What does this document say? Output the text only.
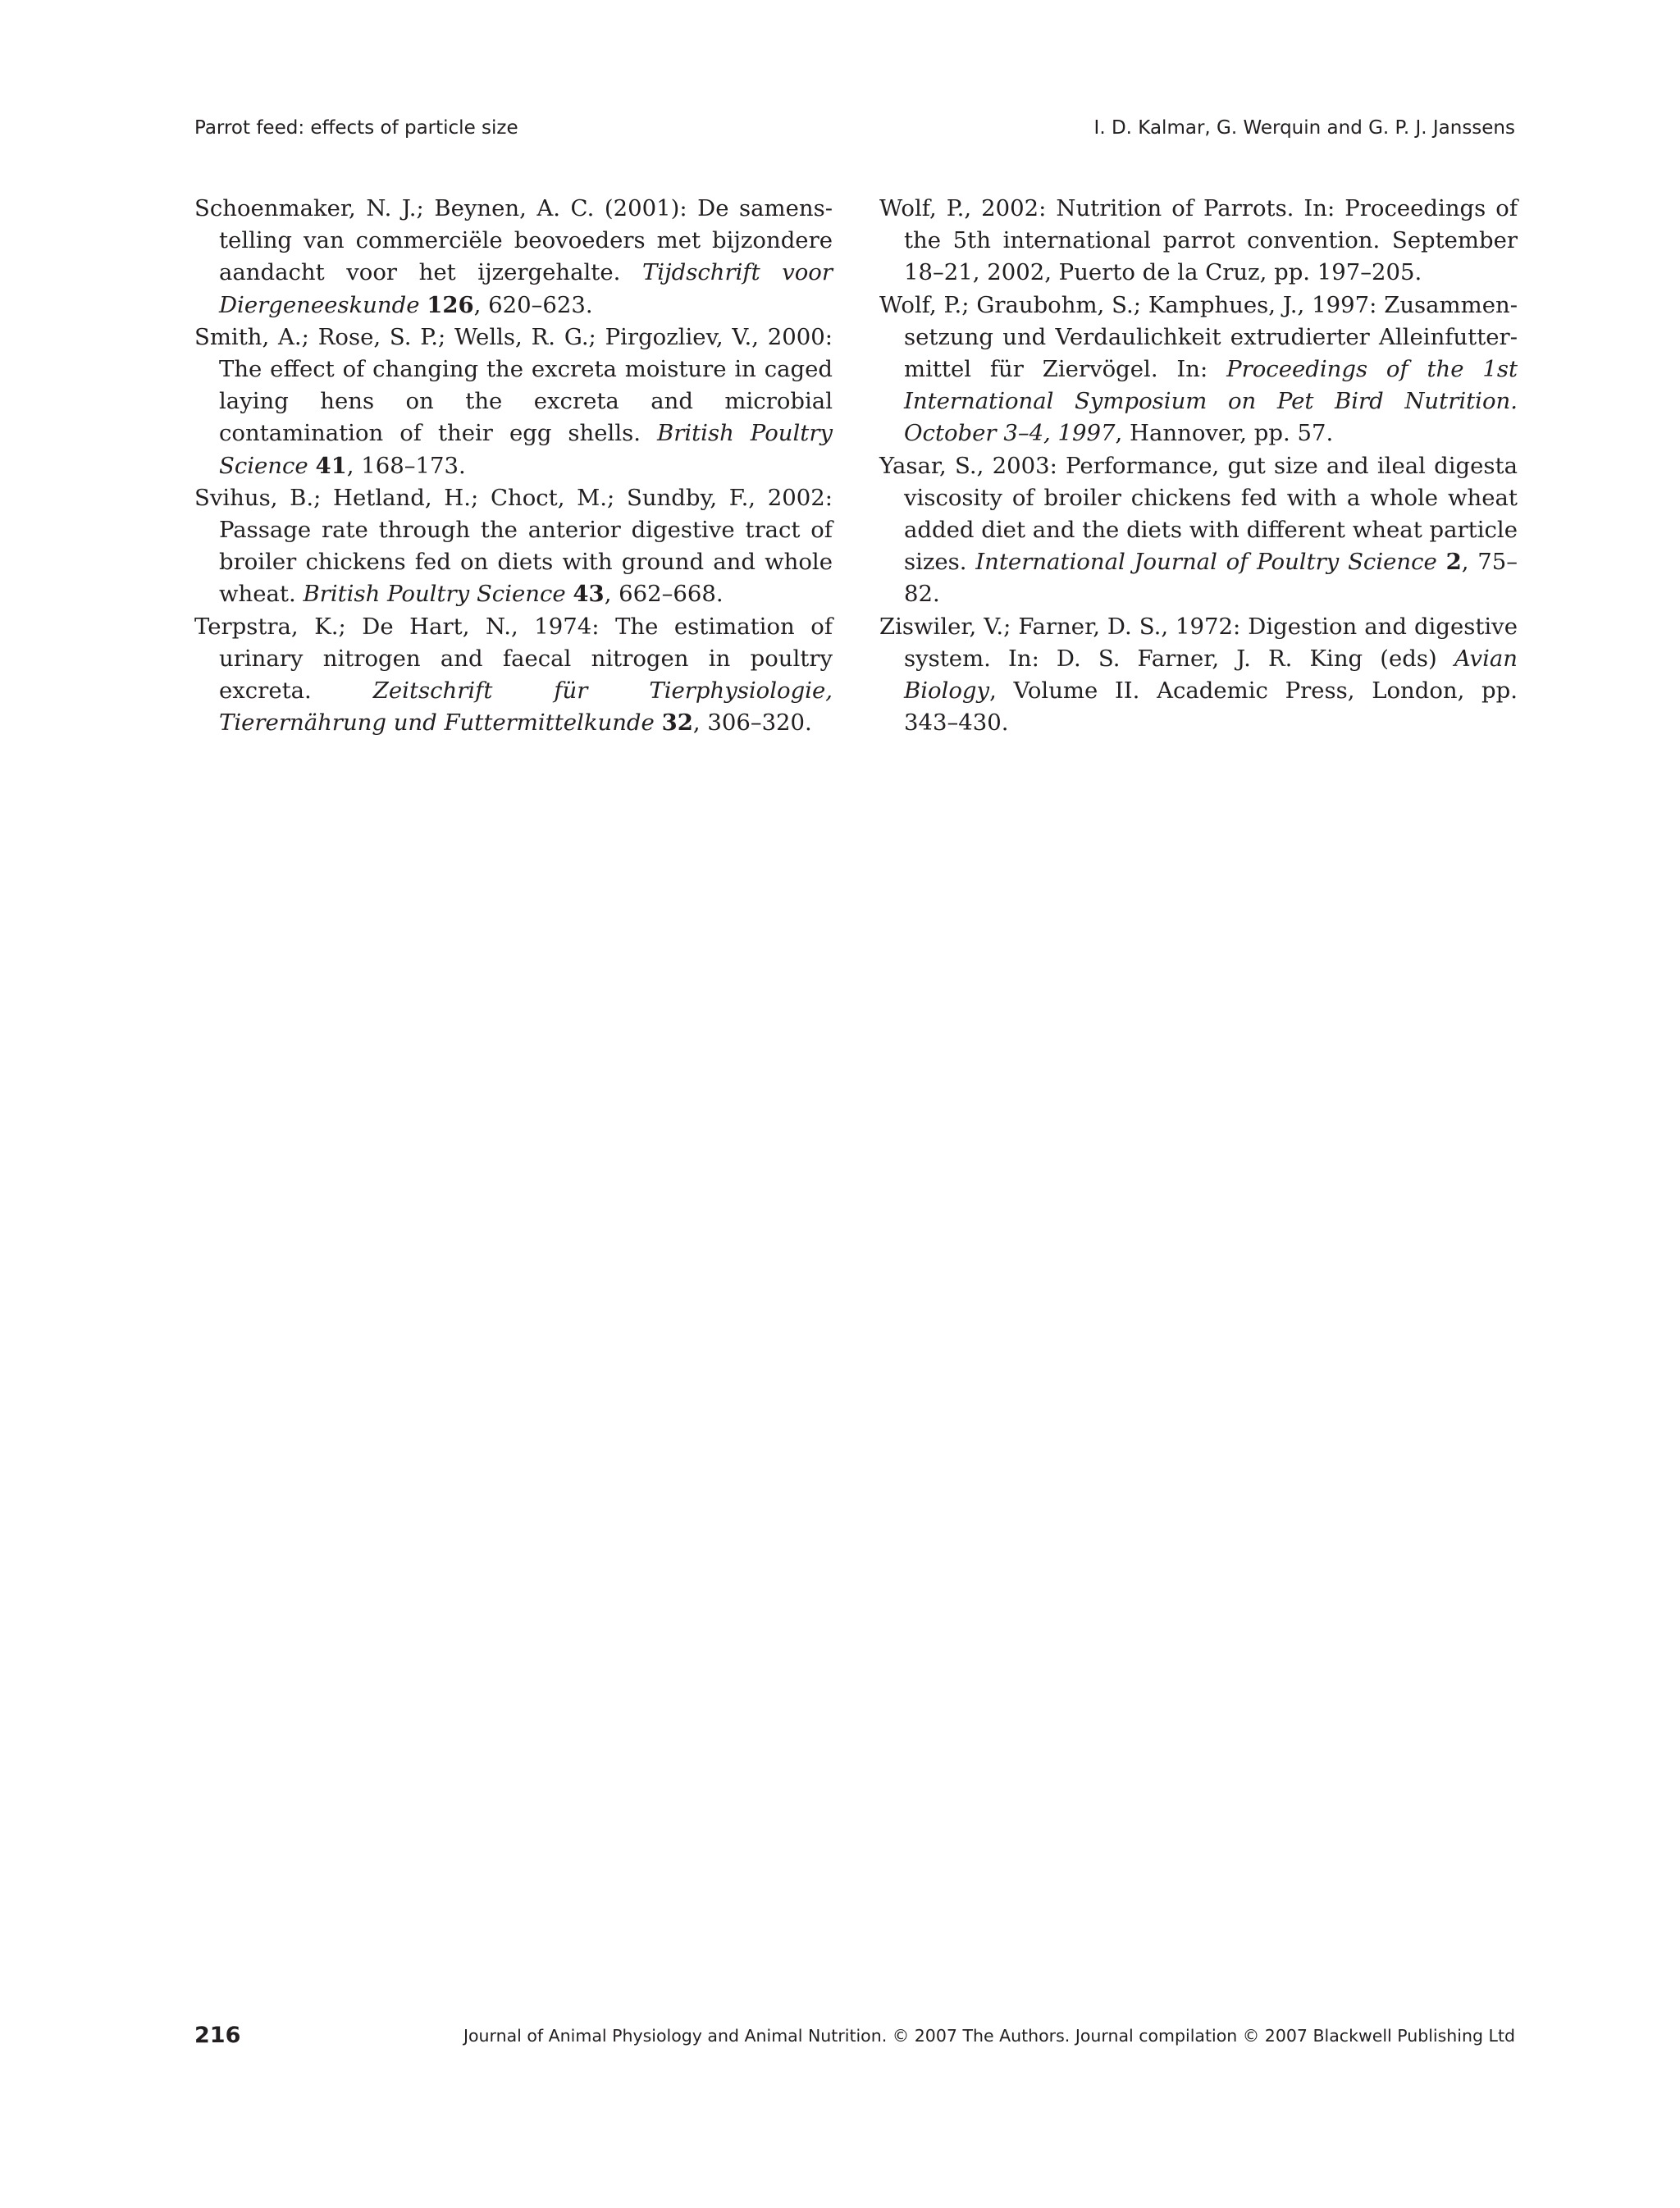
Parrot feed: effects of particle size	I. D. Kalmar, G. Werquin and G. P. J. Janssens

Schoenmaker, N. J.; Beynen, A. C. (2001): De samenstelling van commerciële beovoeders met bijzondere aandacht voor het ijzergehalte. Tijdschrift voor Diergeneeskunde 126, 620–623.

Smith, A.; Rose, S. P.; Wells, R. G.; Pirgozliev, V., 2000: The effect of changing the excreta moisture in caged laying hens on the excreta and microbial contamination of their egg shells. British Poultry Science 41, 168–173.

Svihus, B.; Hetland, H.; Choct, M.; Sundby, F., 2002: Passage rate through the anterior digestive tract of broiler chickens fed on diets with ground and whole wheat. British Poultry Science 43, 662–668.

Terpstra, K.; De Hart, N., 1974: The estimation of urinary nitrogen and faecal nitrogen in poultry excreta. Zeitschrift für Tierphysiologie, Tierernährung und Futtermittelkunde 32, 306–320.

Wolf, P., 2002: Nutrition of Parrots. In: Proceedings of the 5th international parrot convention. September 18–21, 2002, Puerto de la Cruz, pp. 197–205.

Wolf, P.; Graubohm, S.; Kamphues, J., 1997: Zusammensetzung und Verdaulichkeit extrudierter Alleinfuttermittel für Ziervögel. In: Proceedings of the 1st International Symposium on Pet Bird Nutrition. October 3–4, 1997, Hannover, pp. 57.

Yasar, S., 2003: Performance, gut size and ileal digesta viscosity of broiler chickens fed with a whole wheat added diet and the diets with different wheat particle sizes. International Journal of Poultry Science 2, 75–82.

Ziswiler, V.; Farner, D. S., 1972: Digestion and digestive system. In: D. S. Farner, J. R. King (eds) Avian Biology, Volume II. Academic Press, London, pp. 343–430.

216	Journal of Animal Physiology and Animal Nutrition. © 2007 The Authors. Journal compilation © 2007 Blackwell Publishing Ltd
